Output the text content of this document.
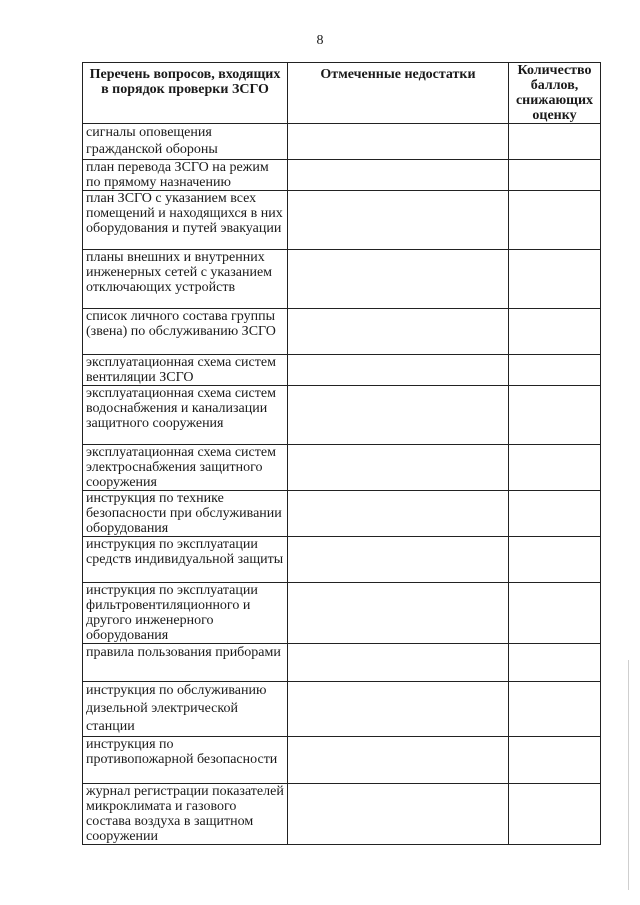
8
Перечень вопросов, входящих в порядок проверки ЗСГО	Отмеченные недостатки	Количество баллов, снижающих оценку
сигналы оповещения гражданской обороны		
план перевода ЗСГО на режим по прямому назначению		
план ЗСГО с указанием всех помещений и находящихся в них оборудования и путей эвакуации		
планы внешних и внутренних инженерных сетей с указанием отключающих устройств		
список личного состава группы (звена) по обслуживанию ЗСГО		
эксплуатационная схема систем вентиляции ЗСГО		
эксплуатационная схема систем водоснабжения и канализации защитного сооружения		
эксплуатационная схема систем электроснабжения защитного сооружения		
инструкция по технике безопасности при обслуживании оборудования		
инструкция по эксплуатации средств индивидуальной защиты		
инструкция по эксплуатации фильтровентиляционного и другого инженерного оборудования		
правила пользования приборами		
инструкция по обслуживанию дизельной электрической станции		
инструкция по противопожарной безопасности		
журнал регистрации показателей микроклимата и газового состава воздуха в защитном сооружении		
